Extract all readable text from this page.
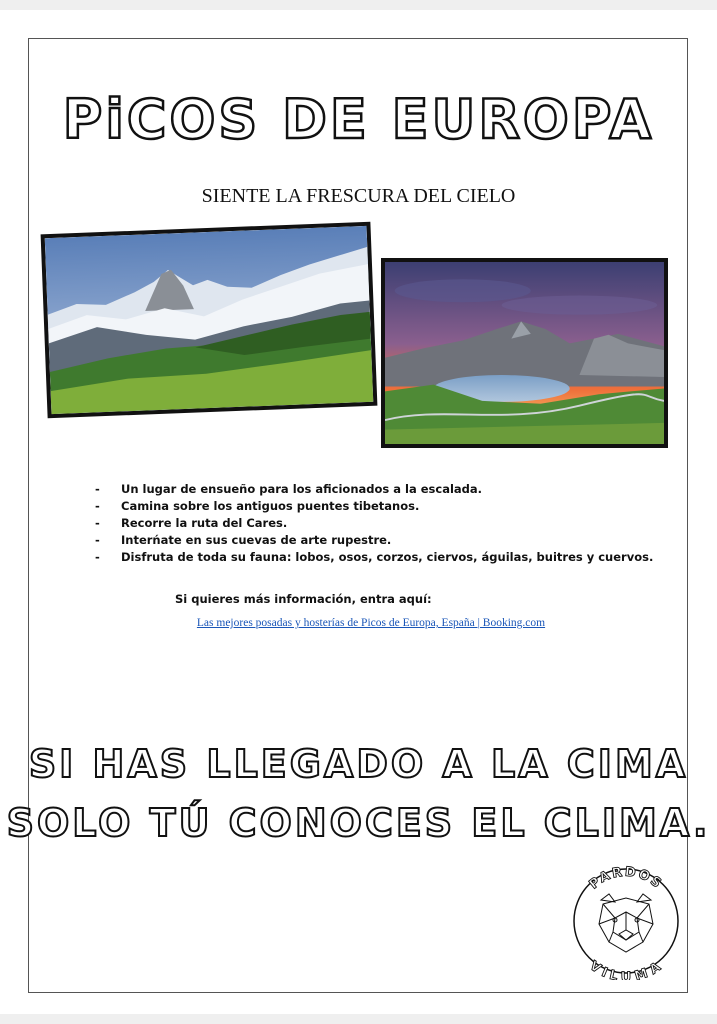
PiCOS DE EUROPA
SIENTE LA FRESCURA DEL CIELO
- Un lugar de ensueño para los aficionados a la escalada.
- Camina sobre los antiguos puentes tibetanos.
- Recorre la ruta del Cares.
- Interńate en sus cuevas de arte rupestre.
- Disfruta de toda su fauna: lobos, osos, corzos, ciervos, águilas, buitres y cuervos.
Si quieres más información, entra aquí:
Las mejores posadas y hosterías de Picos de Europa, España | Booking.com
SI HAS LLEGADO A LA CIMA
SOLO TÚ CONOCES EL CLIMA.
PARDOS
VILUMA
